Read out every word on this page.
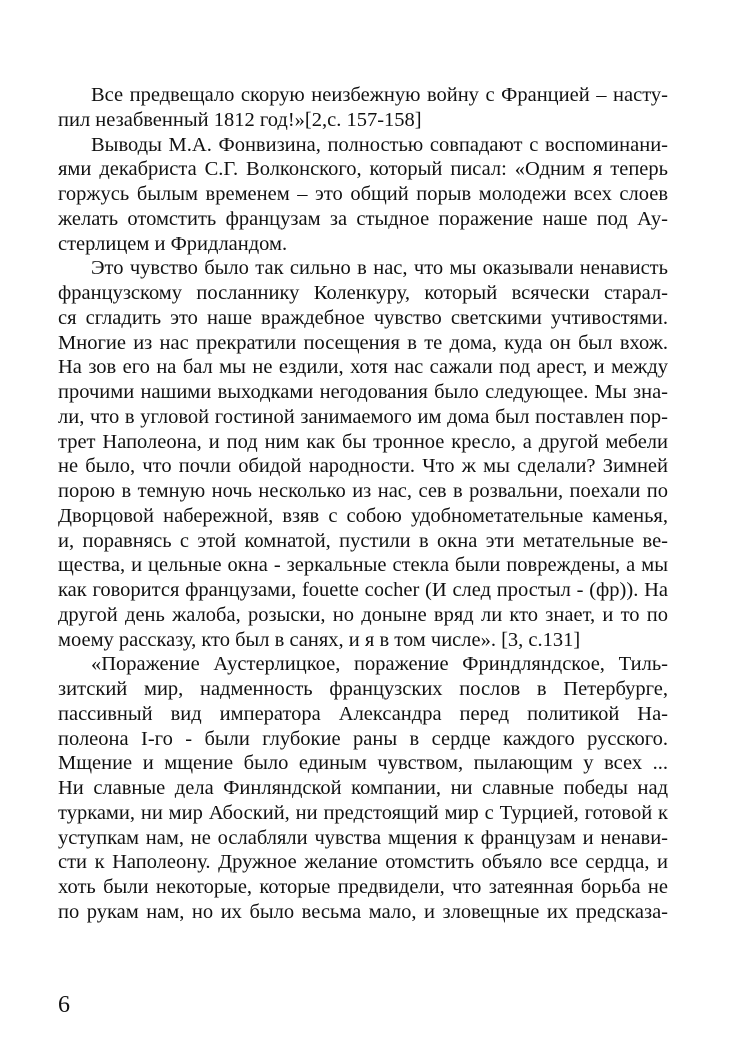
Все предвещало скорую неизбежную войну с Францией – насту-
пил незабвенный 1812 год!»[2,с. 157-158]
Выводы М.А. Фонвизина, полностью совпадают с воспоминани-
ями декабриста С.Г. Волконского, который писал: «Одним я теперь
горжусь былым временем – это общий порыв молодежи всех слоев
желать отомстить французам за стыдное поражение наше под Ау-
стерлицем и Фридландом.
Это чувство было так сильно в нас, что мы оказывали ненависть
французскому посланнику Коленкуру, который всячески старал-
ся сгладить это наше враждебное чувство светскими учтивостями.
Многие из нас прекратили посещения в те дома, куда он был вхож.
На зов его на бал мы не ездили, хотя нас сажали под арест, и между
прочими нашими выходками негодования было следующее. Мы зна-
ли, что в угловой гостиной занимаемого им дома был поставлен пор-
трет Наполеона, и под ним как бы тронное кресло, а другой мебели
не было, что почли обидой народности. Что ж мы сделали? Зимней
порою в темную ночь несколько из нас, сев в розвальни, поехали по
Дворцовой набережной, взяв с собою удобнометательные каменья,
и, поравнясь с этой комнатой, пустили в окна эти метательные ве-
щества, и цельные окна - зеркальные стекла были повреждены, а мы
как говорится французами, fouette cocher (И след простыл - (фр)). На
другой день жалоба, розыски, но доныне вряд ли кто знает, и то по
моему рассказу, кто был в санях, и я в том числе». [3, с.131]
«Поражение Аустерлицкое, поражение Фриндляндское, Тиль-
зитский мир, надменность французских послов в Петербурге,
пассивный вид императора Александра перед политикой На-
полеона I-го - были глубокие раны в сердце каждого русского.
Мщение и мщение было единым чувством, пылающим у всех ...
Ни славные дела Финляндской компании, ни славные победы над
турками, ни мир Абоский, ни предстоящий мир с Турцией, готовой к
уступкам нам, не ослабляли чувства мщения к французам и ненави-
сти к Наполеону. Дружное желание отомстить объяло все сердца, и
хоть были некоторые, которые предвидели, что затеянная борьба не
по рукам нам, но их было весьма мало, и зловещные их предсказа-
6
